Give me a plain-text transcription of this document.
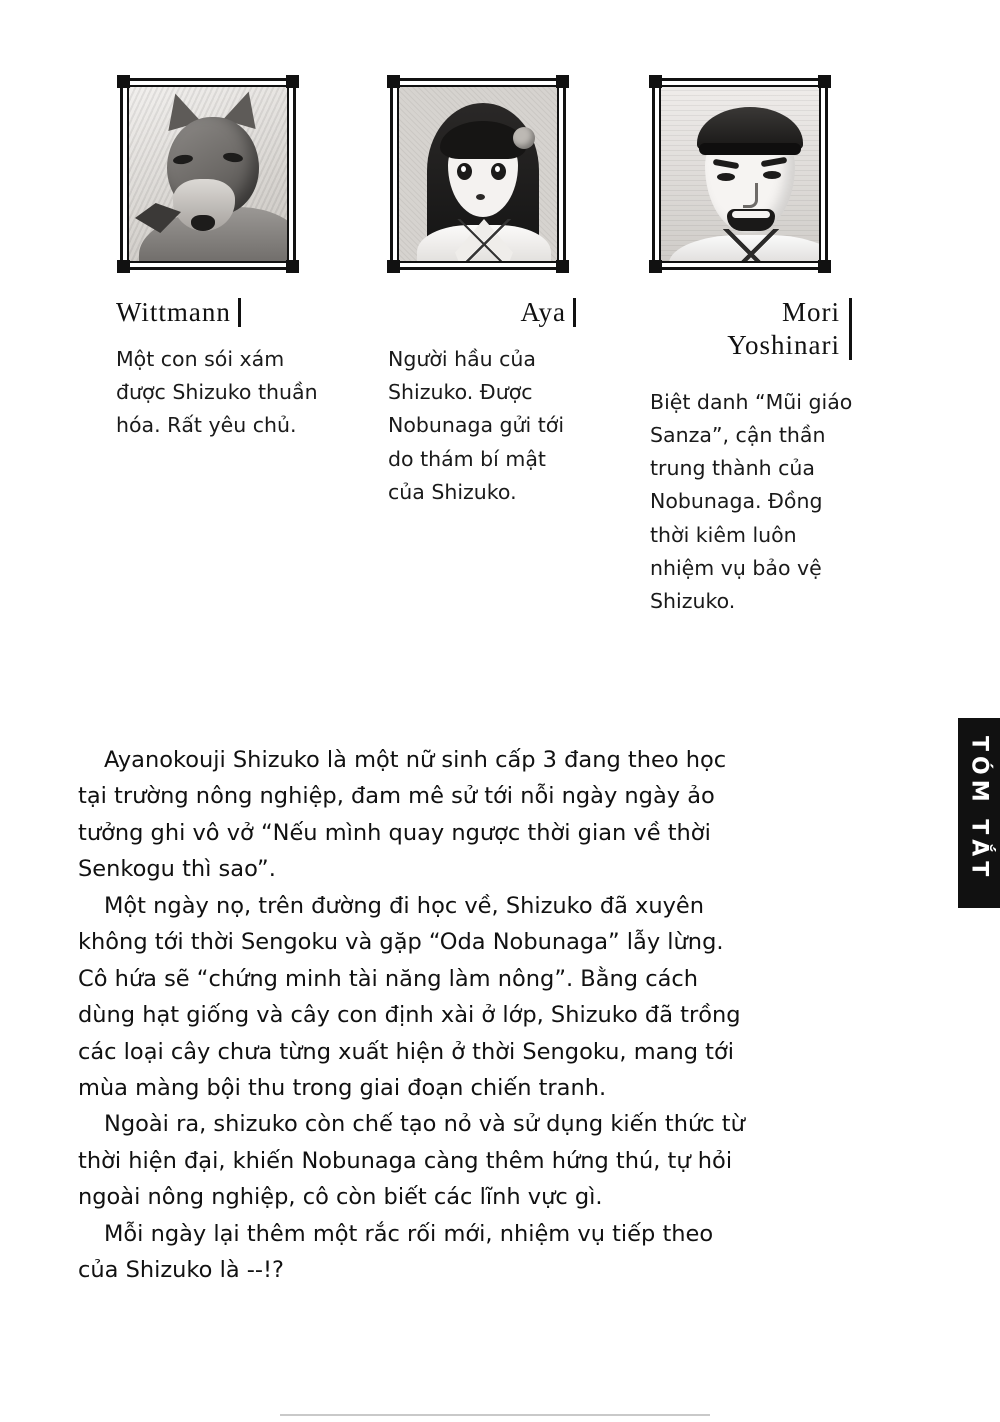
Wittmann
Một con sói xám được Shizuko thuần hóa. Rất yêu chủ.
Aya
Người hầu của Shizuko. Được Nobunaga gửi tới do thám bí mật của Shizuko.
Mori
Yoshinari
Biệt danh “Mũi giáo Sanza”, cận thần trung thành của Nobunaga. Đồng thời kiêm luôn nhiệm vụ bảo vệ Shizuko.

Ayanokouji Shizuko là một nữ sinh cấp 3 đang theo học tại trường nông nghiệp, đam mê sử tới nỗi ngày ngày ảo tưởng ghi vô vở “Nếu mình quay ngược thời gian về thời Senkogu thì sao”.

Một ngày nọ, trên đường đi học về, Shizuko đã xuyên không tới thời Sengoku và gặp “Oda Nobunaga” lẫy lừng. Cô hứa sẽ “chứng minh tài năng làm nông”. Bằng cách dùng hạt giống và cây con định xài ở lớp, Shizuko đã trồng các loại cây chưa từng xuất hiện ở thời Sengoku, mang tới mùa màng bội thu trong giai đoạn chiến tranh.

Ngoài ra, shizuko còn chế tạo nỏ và sử dụng kiến thức từ thời hiện đại, khiến Nobunaga càng thêm hứng thú, tự hỏi ngoài nông nghiệp, cô còn biết các lĩnh vực gì.

Mỗi ngày lại thêm một rắc rối mới, nhiệm vụ tiếp theo của Shizuko là --!?

TÓM TẮT
